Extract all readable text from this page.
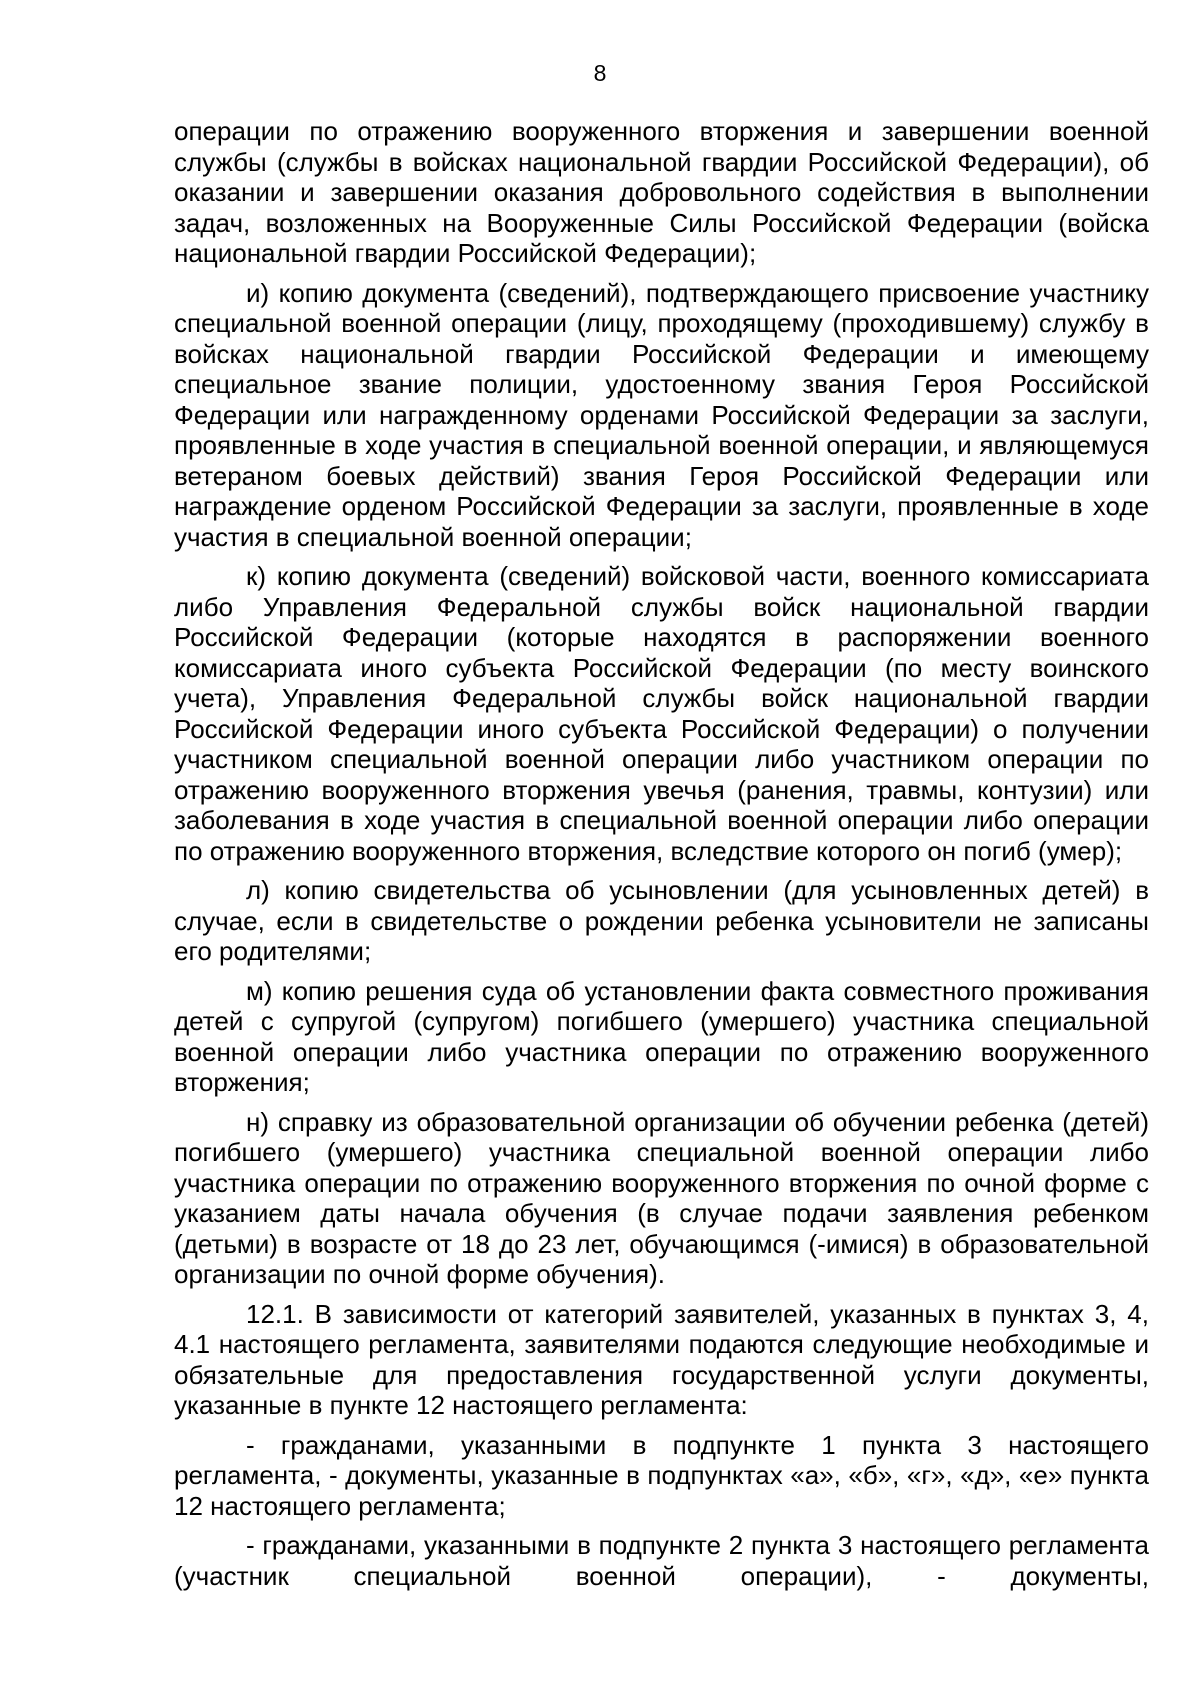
8

операции по отражению вооруженного вторжения и завершении военной службы (службы в войсках национальной гвардии Российской Федерации), об оказании и завершении оказания добровольного содействия в выполнении задач, возложенных на Вооруженные Силы Российской Федерации (войска национальной гвардии Российской Федерации);

и) копию документа (сведений), подтверждающего присвоение участнику специальной военной операции (лицу, проходящему (проходившему) службу в войсках национальной гвардии Российской Федерации и имеющему специальное звание полиции, удостоенному звания Героя Российской Федерации или награжденному орденами Российской Федерации за заслуги, проявленные в ходе участия в специальной военной операции, и являющемуся ветераном боевых действий) звания Героя Российской Федерации или награждение орденом Российской Федерации за заслуги, проявленные в ходе участия в специальной военной операции;

к) копию документа (сведений) войсковой части, военного комиссариата либо Управления Федеральной службы войск национальной гвардии Российской Федерации (которые находятся в распоряжении военного комиссариата иного субъекта Российской Федерации (по месту воинского учета), Управления Федеральной службы войск национальной гвардии Российской Федерации иного субъекта Российской Федерации) о получении участником специальной военной операции либо участником операции по отражению вооруженного вторжения увечья (ранения, травмы, контузии) или заболевания в ходе участия в специальной военной операции либо операции по отражению вооруженного вторжения, вследствие которого он погиб (умер);

л) копию свидетельства об усыновлении (для усыновленных детей) в случае, если в свидетельстве о рождении ребенка усыновители не записаны его родителями;

м) копию решения суда об установлении факта совместного проживания детей с супругой (супругом) погибшего (умершего) участника специальной военной операции либо участника операции по отражению вооруженного вторжения;

н) справку из образовательной организации об обучении ребенка (детей) погибшего (умершего) участника специальной военной операции либо участника операции по отражению вооруженного вторжения по очной форме с указанием даты начала обучения (в случае подачи заявления ребенком (детьми) в возрасте от 18 до 23 лет, обучающимся (-имися) в образовательной организации по очной форме обучения).

12.1. В зависимости от категорий заявителей, указанных в пунктах 3, 4, 4.1 настоящего регламента, заявителями подаются следующие необходимые и обязательные для предоставления государственной услуги документы, указанные в пункте 12 настоящего регламента:

- гражданами, указанными в подпункте 1 пункта 3 настоящего регламента, - документы, указанные в подпунктах «а», «б», «г», «д», «е» пункта 12 настоящего регламента;

- гражданами, указанными в подпункте 2 пункта 3 настоящего регламента (участник специальной военной операции), - документы,
